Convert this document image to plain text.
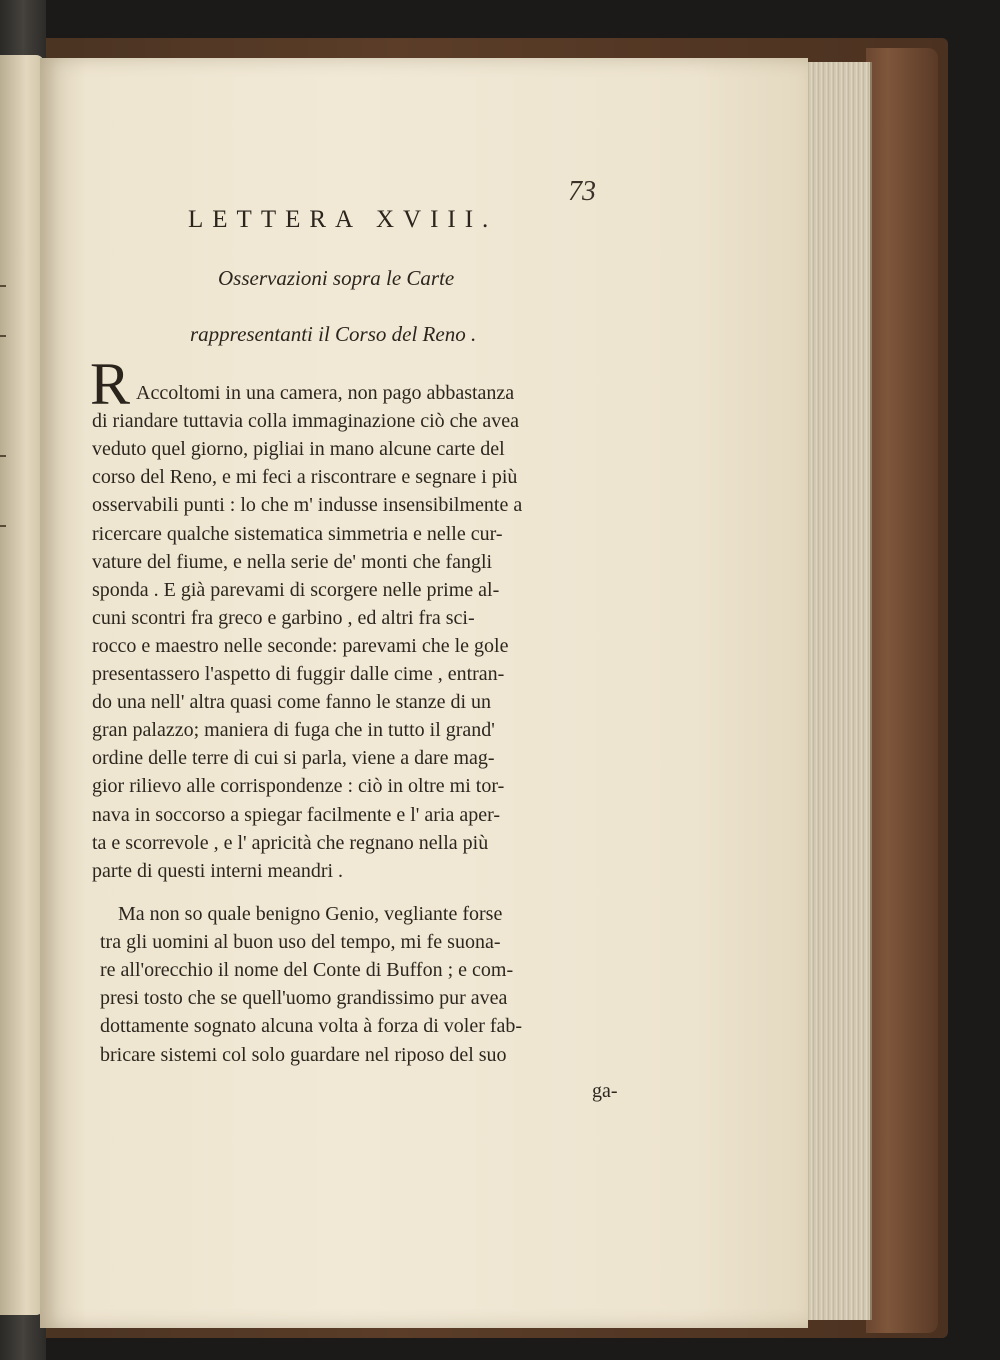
73
LETTERA XVIII.
Osservazioni sopra le Carte
rappresentanti il Corso del Reno .
R Accoltomi in una camera, non pago abbastanza
di riandare tuttavia colla immaginazione ciò che avea
veduto quel giorno, pigliai in mano alcune carte del
corso del Reno, e mi feci a riscontrare e segnare i più
osservabili punti : lo che m' indusse insensibilmente a
ricercare qualche sistematica simmetria e nelle cur-
vature del fiume, e nella serie de' monti che fangli
sponda . E già parevami di scorgere nelle prime al-
cuni scontri fra greco e garbino , ed altri fra sci-
rocco e maestro nelle seconde: parevami che le gole
presentassero l'aspetto di fuggir dalle cime , entran-
do una nell' altra quasi come fanno le stanze di un
gran palazzo; maniera di fuga che in tutto il grand'
ordine delle terre di cui si parla, viene a dare mag-
gior rilievo alle corrispondenze : ciò in oltre mi tor-
nava in soccorso a spiegar facilmente e l' aria aper-
ta e scorrevole , e l' apricità che regnano nella più
parte di questi interni meandri .
Ma non so quale benigno Genio, vegliante forse
tra gli uomini al buon uso del tempo, mi fe suona-
re all'orecchio il nome del Conte di Buffon ; e com-
presi tosto che se quell'uomo grandissimo pur avea
dottamente sognato alcuna volta à forza di voler fab-
bricare sistemi col solo guardare nel riposo del suo
ga-
